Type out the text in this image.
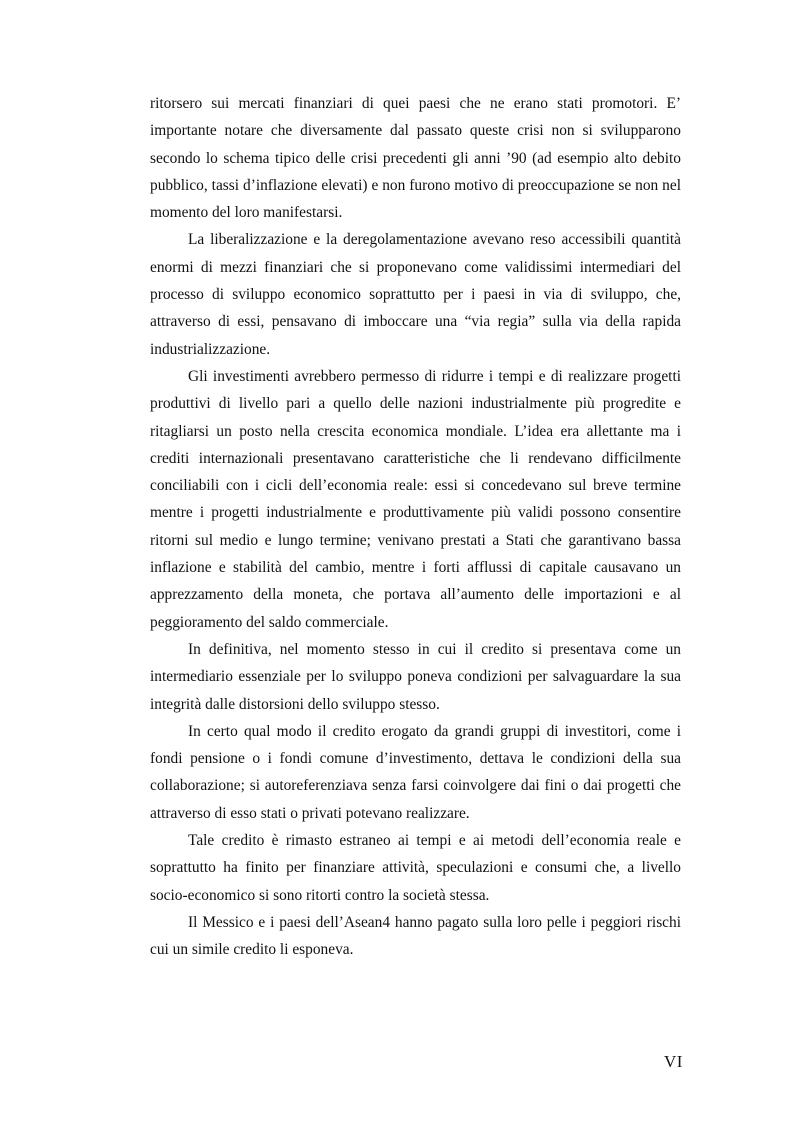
ritorsero sui mercati finanziari di quei paesi che ne erano stati promotori. E’ importante notare che diversamente dal passato queste crisi non si svilupparono secondo lo schema tipico delle crisi precedenti gli anni ’90 (ad esempio alto debito pubblico, tassi d’inflazione elevati) e non furono motivo di preoccupazione se non nel momento del loro manifestarsi.

La liberalizzazione e la deregolamentazione avevano reso accessibili quantità enormi di mezzi finanziari che si proponevano come validissimi intermediari del processo di sviluppo economico soprattutto per i paesi in via di sviluppo, che, attraverso di essi, pensavano di imboccare una “via regia” sulla via della rapida industrializzazione.

Gli investimenti avrebbero permesso di ridurre i tempi e di realizzare progetti produttivi di livello pari a quello delle nazioni industrialmente più progredite e ritagliarsi un posto nella crescita economica mondiale. L’idea era allettante ma i crediti internazionali presentavano caratteristiche che li rendevano difficilmente conciliabili con i cicli dell’economia reale: essi si concedevano sul breve termine mentre i progetti industrialmente e produttivamente più validi possono consentire ritorni sul medio e lungo termine; venivano prestati a Stati che garantivano bassa inflazione e stabilità del cambio, mentre i forti afflussi di capitale causavano un apprezzamento della moneta, che portava all’aumento delle importazioni e al peggioramento del saldo commerciale.

In definitiva, nel momento stesso in cui il credito si presentava come un intermediario essenziale per lo sviluppo poneva condizioni per salvaguardare la sua integrità dalle distorsioni dello sviluppo stesso.

In certo qual modo il credito erogato da grandi gruppi di investitori, come i fondi pensione o i fondi comune d’investimento, dettava le condizioni della sua collaborazione; si autoreferenziava senza farsi coinvolgere dai fini o dai progetti che attraverso di esso stati o privati potevano realizzare.

Tale credito è rimasto estraneo ai tempi e ai metodi dell’economia reale e soprattutto ha finito per finanziare attività, speculazioni e consumi che, a livello socio-economico si sono ritorti contro la società stessa.

Il Messico e i paesi dell’Asean4 hanno pagato sulla loro pelle i peggiori rischi cui un simile credito li esponeva.

VI
